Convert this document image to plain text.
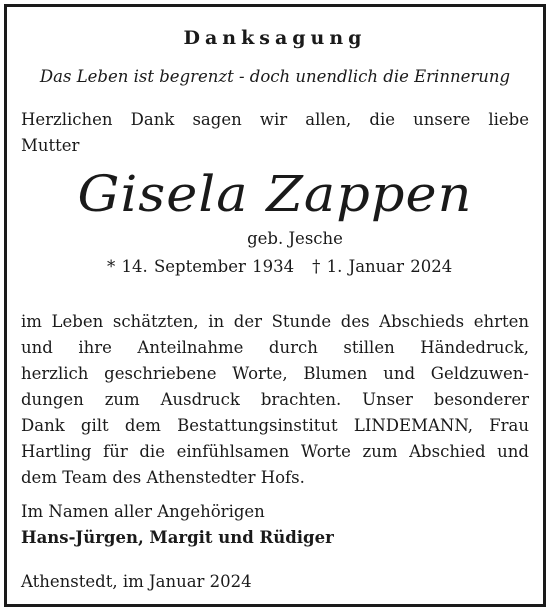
Danksagung
Das Leben ist begrenzt - doch unendlich die Erinnerung
Herzlichen Dank sagen wir allen, die unsere liebe
Mutter
Gisela Zappen
geb. Jesche
* 14. September 1934 † 1. Januar 2024
im Leben schätzten, in der Stunde des Abschieds ehrten
und ihre Anteilnahme durch stillen Händedruck,
herzlich geschriebene Worte, Blumen und Geldzuwen-
dungen zum Ausdruck brachten. Unser besonderer
Dank gilt dem Bestattungsinstitut LINDEMANN, Frau
Hartling für die einfühlsamen Worte zum Abschied und
dem Team des Athenstedter Hofs.
Im Namen aller Angehörigen
Hans-Jürgen, Margit und Rüdiger
Athenstedt, im Januar 2024
